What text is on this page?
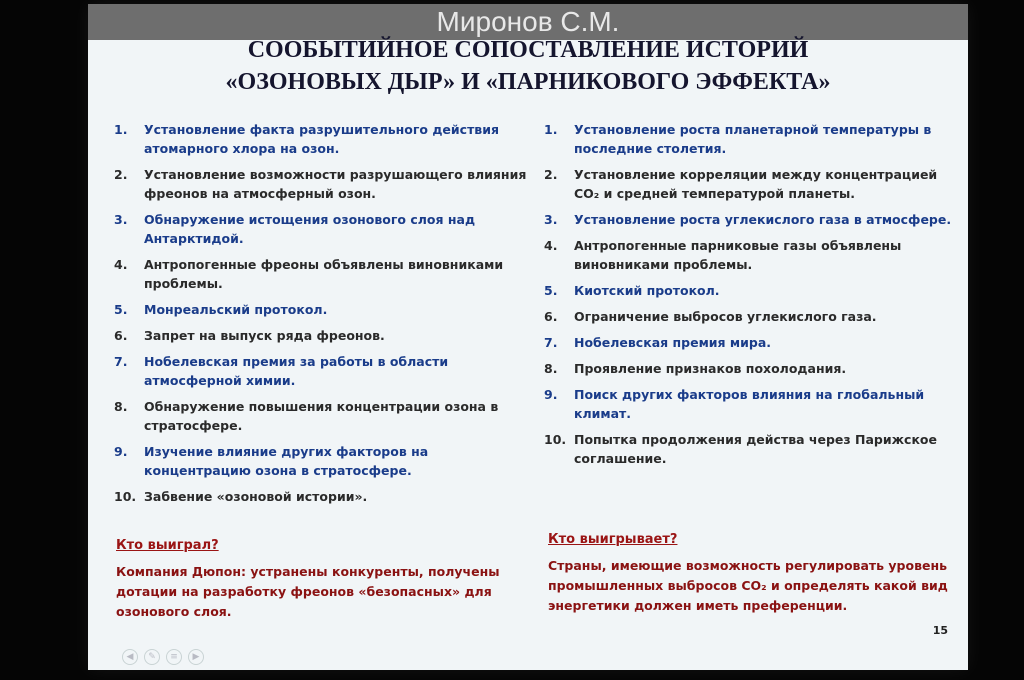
Миронов С.М.
СООБЫТИЙНОЕ СОПОСТАВЛЕНИЕ ИСТОРИЙ
«ОЗОНОВЫХ ДЫР» И «ПАРНИКОВОГО ЭФФЕКТА»
1.	Установление факта разрушительного действия атомарного хлора на озон.
2.	Установление возможности разрушающего влияния фреонов на атмосферный озон.
3.	Обнаружение истощения озонового слоя над Антарктидой.
4.	Антропогенные фреоны объявлены виновниками проблемы.
5.	Монреальский протокол.
6.	Запрет на выпуск ряда фреонов.
7.	Нобелевская премия за работы в области атмосферной химии.
8.	Обнаружение повышения концентрации озона в стратосфере.
9.	Изучение влияние других факторов на концентрацию озона в стратосфере.
10. Забвение «озоновой истории».
1.	Установление роста планетарной температуры в последние столетия.
2.	Установление корреляции между концентрацией CO₂ и средней температурой планеты.
3.	Установление роста углекислого газа в атмосфере.
4.	Антропогенные парниковые газы объявлены виновниками проблемы.
5.	Киотский протокол.
6.	Ограничение выбросов углекислого газа.
7.	Нобелевская премия мира.
8.	Проявление признаков похолодания.
9.	Поиск других факторов влияния на глобальный климат.
10. Попытка продолжения действа через Парижское соглашение.
Кто выиграл?
Компания Дюпон: устранены конкуренты, получены дотации на разработку фреонов «безопасных» для озонового слоя.
Кто выигрывает?
Страны, имеющие возможность регулировать уровень промышленных выбросов CO₂ и определять какой вид энергетики должен иметь преференции.
15
◀	✎	≡	▶
